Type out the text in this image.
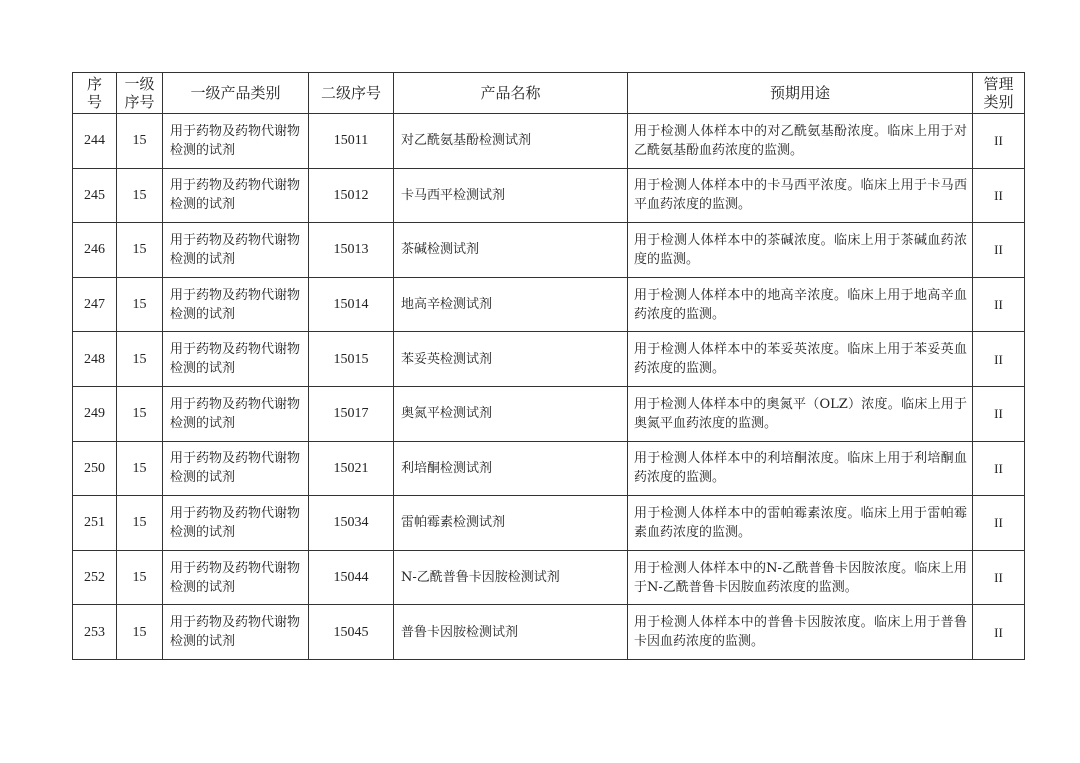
序号	一级序号	一级产品类别	二级序号	产品名称	预期用途	管理类别
244	15	用于药物及药物代谢物检测的试剂	15011	对乙酰氨基酚检测试剂	用于检测人体样本中的对乙酰氨基酚浓度。临床上用于对乙酰氨基酚血药浓度的监测。	II
245	15	用于药物及药物代谢物检测的试剂	15012	卡马西平检测试剂	用于检测人体样本中的卡马西平浓度。临床上用于卡马西平血药浓度的监测。	II
246	15	用于药物及药物代谢物检测的试剂	15013	茶碱检测试剂	用于检测人体样本中的茶碱浓度。临床上用于茶碱血药浓度的监测。	II
247	15	用于药物及药物代谢物检测的试剂	15014	地高辛检测试剂	用于检测人体样本中的地高辛浓度。临床上用于地高辛血药浓度的监测。	II
248	15	用于药物及药物代谢物检测的试剂	15015	苯妥英检测试剂	用于检测人体样本中的苯妥英浓度。临床上用于苯妥英血药浓度的监测。	II
249	15	用于药物及药物代谢物检测的试剂	15017	奥氮平检测试剂	用于检测人体样本中的奥氮平（OLZ）浓度。临床上用于奥氮平血药浓度的监测。	II
250	15	用于药物及药物代谢物检测的试剂	15021	利培酮检测试剂	用于检测人体样本中的利培酮浓度。临床上用于利培酮血药浓度的监测。	II
251	15	用于药物及药物代谢物检测的试剂	15034	雷帕霉素检测试剂	用于检测人体样本中的雷帕霉素浓度。临床上用于雷帕霉素血药浓度的监测。	II
252	15	用于药物及药物代谢物检测的试剂	15044	N-乙酰普鲁卡因胺检测试剂	用于检测人体样本中的N-乙酰普鲁卡因胺浓度。临床上用于N-乙酰普鲁卡因胺血药浓度的监测。	II
253	15	用于药物及药物代谢物检测的试剂	15045	普鲁卡因胺检测试剂	用于检测人体样本中的普鲁卡因胺浓度。临床上用于普鲁卡因血药浓度的监测。	II
